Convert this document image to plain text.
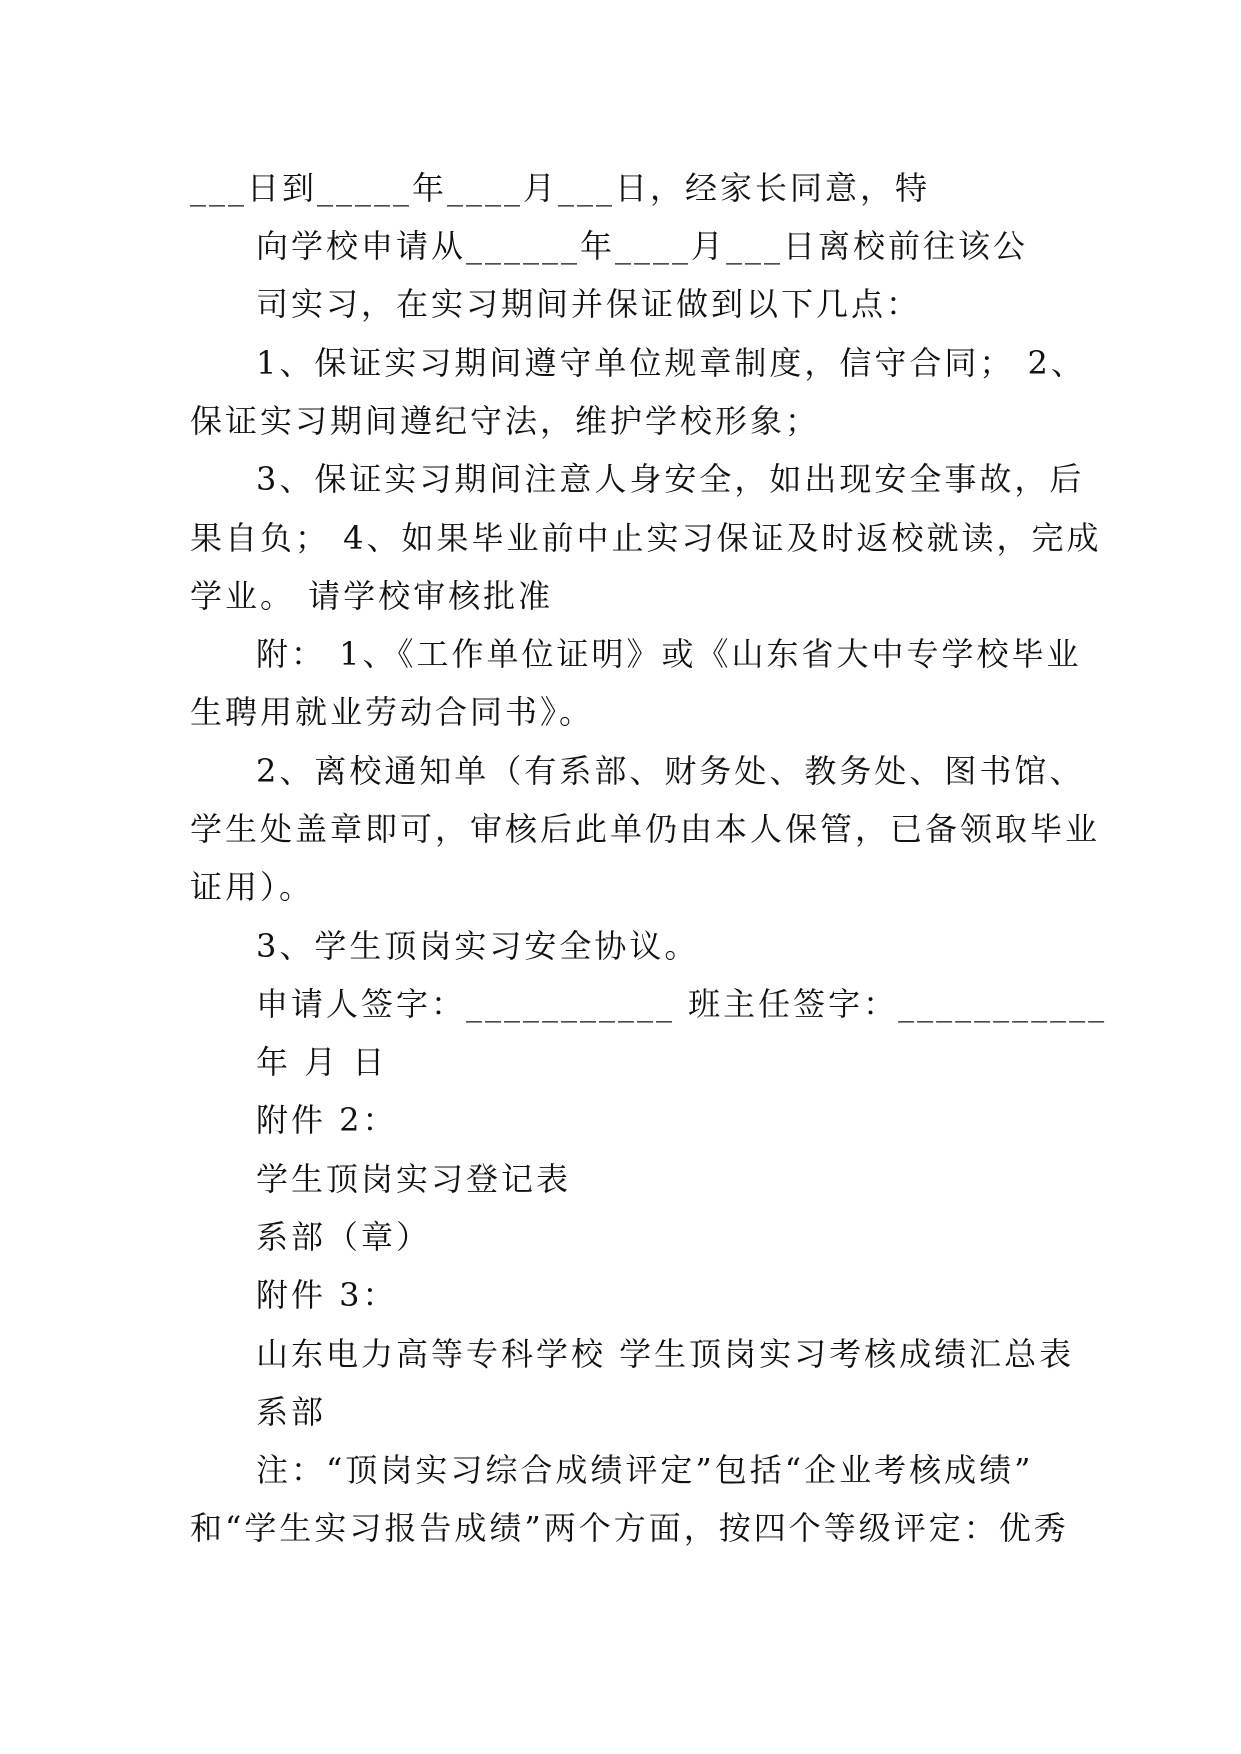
___日到_____年____月___日，经家长同意，特
向学校申请从______年____月___日离校前往该公
司实习，在实习期间并保证做到以下几点：
1、保证实习期间遵守单位规章制度，信守合同； 2、
保证实习期间遵纪守法，维护学校形象；
3、保证实习期间注意人身安全，如出现安全事故，后
果自负； 4、如果毕业前中止实习保证及时返校就读，完成
学业。 请学校审核批准
附： 1、《工作单位证明》或《山东省大中专学校毕业
生聘用就业劳动合同书》。
2、离校通知单（有系部、财务处、教务处、图书馆、
学生处盖章即可，审核后此单仍由本人保管，已备领取毕业
证用）。
3、学生顶岗实习安全协议。
申请人签字：___________ 班主任签字：___________
年 月 日
附件 2：
学生顶岗实习登记表
系部（章）
附件 3：
山东电力高等专科学校 学生顶岗实习考核成绩汇总表
系部
注：“顶岗实习综合成绩评定”包括“企业考核成绩”
和“学生实习报告成绩”两个方面，按四个等级评定：优秀
